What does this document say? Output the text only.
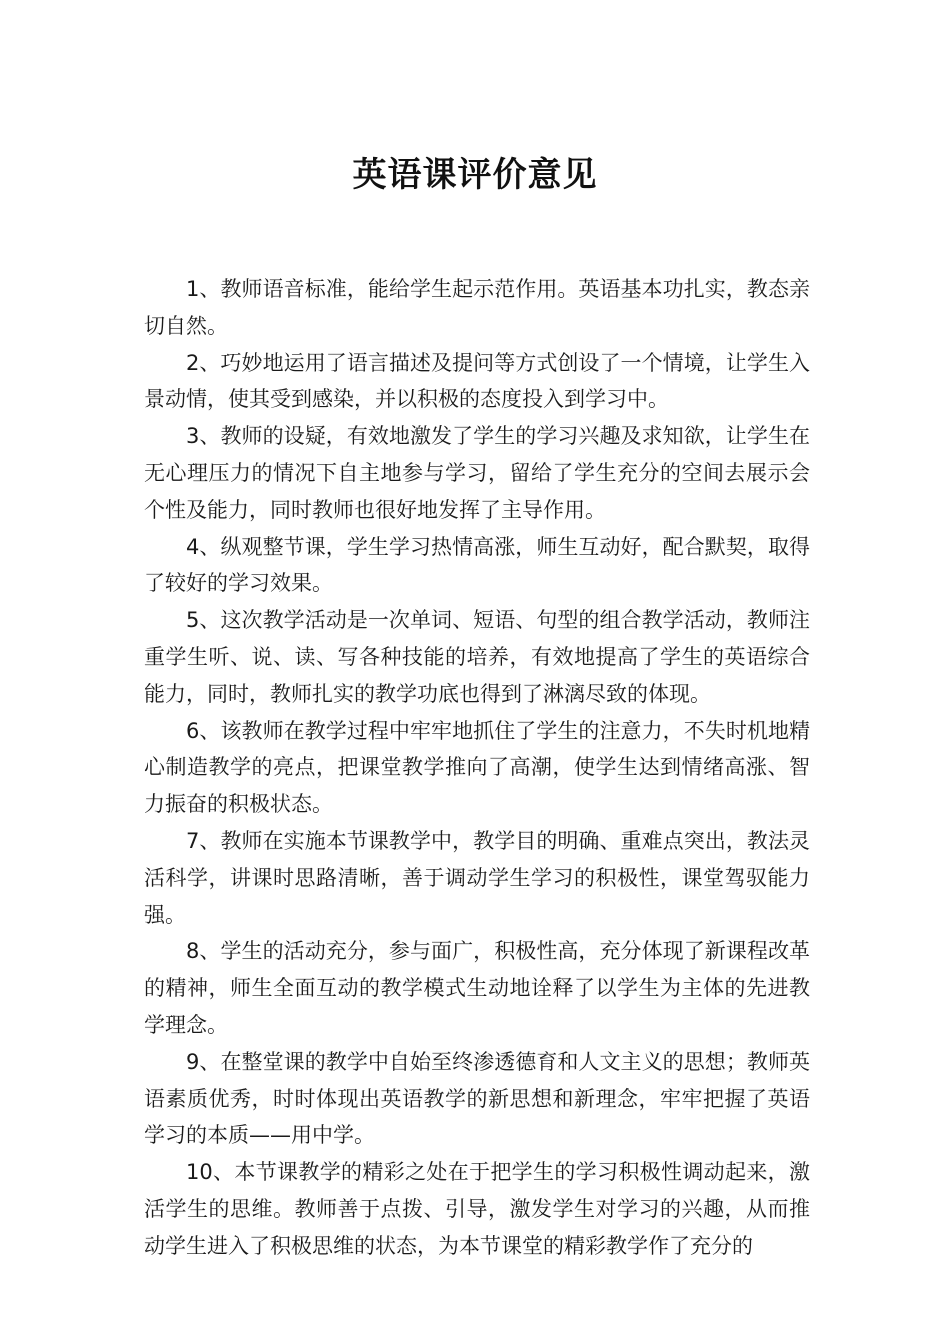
英语课评价意见

1、教师语音标准，能给学生起示范作用。英语基本功扎实，教态亲切自然。

2、巧妙地运用了语言描述及提问等方式创设了一个情境，让学生入 景动情，使其受到感染，并以积极的态度投入到学习中。

3、教师的设疑，有效地激发了学生的学习兴趣及求知欲，让学生在无心理压力的情况下自主地参与学习，留给了学生充分的空间去展示会个性及能力，同时教师也很好地发挥了主导作用。

4、纵观整节课，学生学习热情高涨，师生互动好，配合默契，取得了较好的学习效果。

5、这次教学活动是一次单词、短语、句型的组合教学活动，教师注重学生听、说、读、写各种技能的培养，有效地提高了学生的英语综合能力，同时，教师扎实的教学功底也得到了淋漓尽致的体现。

6、该教师在教学过程中牢牢地抓住了学生的注意力，不失时机地精心制造教学的亮点，把课堂教学推向了高潮，使学生达到情绪高涨、智力振奋的积极状态。

7、教师在实施本节课教学中，教学目的明确、重难点突出，教法灵活科学，讲课时思路清晰，善于调动学生学习的积极性，课堂驾驭能力强。

8、学生的活动充分，参与面广，积极性高，充分体现了新课程改革的精神，师生全面互动的教学模式生动地诠释了以学生为主体的先进教学理念。

9、在整堂课的教学中自始至终渗透德育和人文主义的思想；教师英语素质优秀，时时体现出英语教学的新思想和新理念，牢牢把握了英语学习的本质——用中学。

10、本节课教学的精彩之处在于把学生的学习积极性调动起来，激活学生的思维。教师善于点拨、引导，激发学生对学习的兴趣，从而推动学生进入了积极思维的状态，为本节课堂的精彩教学作了充分的
